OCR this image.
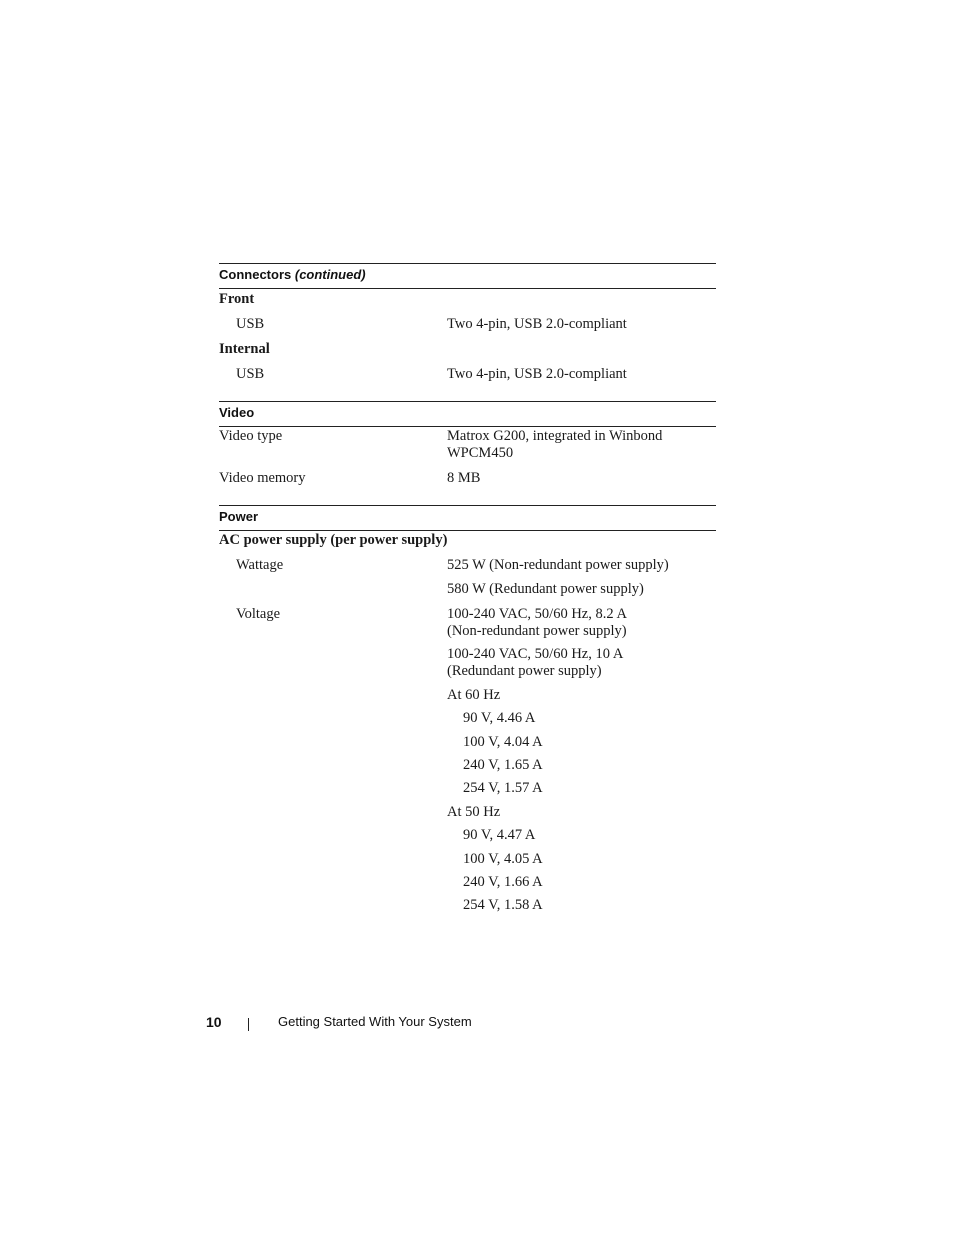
Connectors (continued)
Front
USB	Two 4-pin, USB 2.0-compliant
Internal
USB	Two 4-pin, USB 2.0-compliant
Video
Video type	Matrox G200, integrated in Winbond
WPCM450
Video memory	8 MB
Power
AC power supply (per power supply)
Wattage	525 W (Non-redundant power supply)
580 W (Redundant power supply)
Voltage	100-240 VAC, 50/60 Hz, 8.2 A
(Non-redundant power supply)
100-240 VAC, 50/60 Hz, 10 A
(Redundant power supply)
At 60 Hz
90 V, 4.46 A
100 V, 4.04 A
240 V, 1.65 A
254 V, 1.57 A
At 50 Hz
90 V, 4.47 A
100 V, 4.05 A
240 V, 1.66 A
254 V, 1.58 A
10	Getting Started With Your System
